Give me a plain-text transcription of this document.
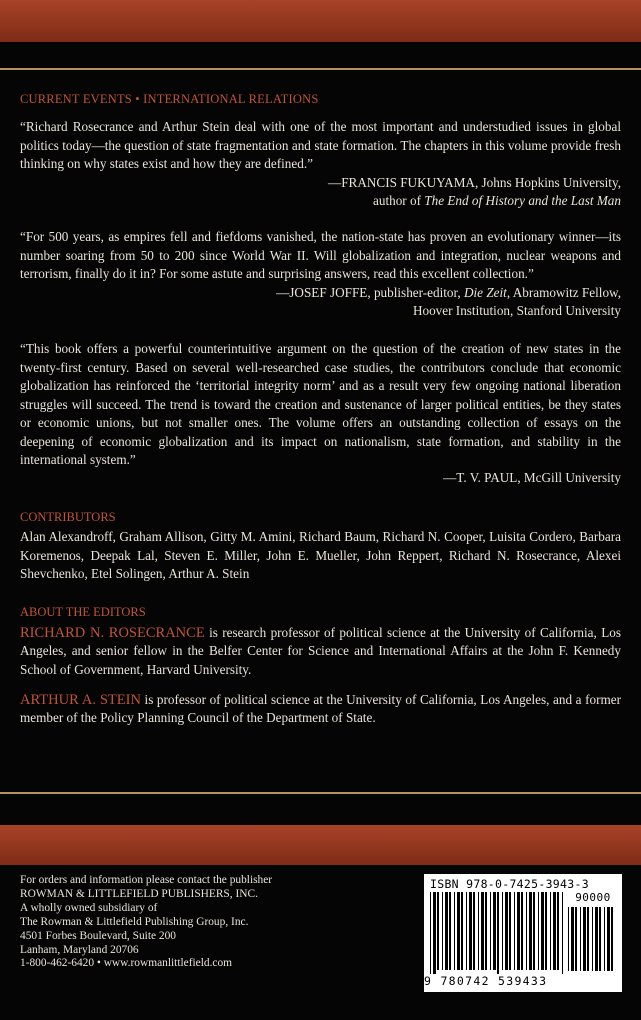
CURRENT EVENTS • INTERNATIONAL RELATIONS

“Richard Rosecrance and Arthur Stein deal with one of the most important and understudied issues in global politics today—the question of state fragmentation and state formation. The chapters in this volume provide fresh thinking on why states exist and how they are defined.”

—FRANCIS FUKUYAMA, Johns Hopkins University,

author of The End of History and the Last Man

“For 500 years, as empires fell and fiefdoms vanished, the nation-state has proven an evolutionary winner—its number soaring from 50 to 200 since World War II. Will globalization and integration, nuclear weapons and terrorism, finally do it in? For some astute and surprising answers, read this excellent collection.”

—JOSEF JOFFE, publisher-editor, Die Zeit, Abramowitz Fellow,

Hoover Institution, Stanford University

“This book offers a powerful counterintuitive argument on the question of the creation of new states in the twenty-first century. Based on several well-researched case studies, the contributors conclude that economic globalization has reinforced the ‘territorial integrity norm’ and as a result very few ongoing national liberation struggles will succeed. The trend is toward the creation and sustenance of larger political entities, be they states or economic unions, but not smaller ones. The volume offers an outstanding collection of essays on the deepening of economic globalization and its impact on nationalism, state formation, and stability in the international system.”

—T. V. PAUL, McGill University

CONTRIBUTORS

Alan Alexandroff, Graham Allison, Gitty M. Amini, Richard Baum, Richard N. Cooper, Luisita Cordero, Barbara Koremenos, Deepak Lal, Steven E. Miller, John E. Mueller, John Reppert, Richard N. Rosecrance, Alexei Shevchenko, Etel Solingen, Arthur A. Stein

ABOUT THE EDITORS

RICHARD N. ROSECRANCE is research professor of political science at the University of California, Los Angeles, and senior fellow in the Belfer Center for Science and International Affairs at the John F. Kennedy School of Government, Harvard University.

ARTHUR A. STEIN is professor of political science at the University of California, Los Angeles, and a former member of the Policy Planning Council of the Department of State.

For orders and information please contact the publisher
ROWMAN & LITTLEFIELD PUBLISHERS, INC.
A wholly owned subsidiary of
The Rowman & Littlefield Publishing Group, Inc.
4501 Forbes Boulevard, Suite 200
Lanham, Maryland 20706
1-800-462-6420 • www.rowmanlittlefield.com
ISBN 978-0-7425-3943-3
90000
9 780742 539433
